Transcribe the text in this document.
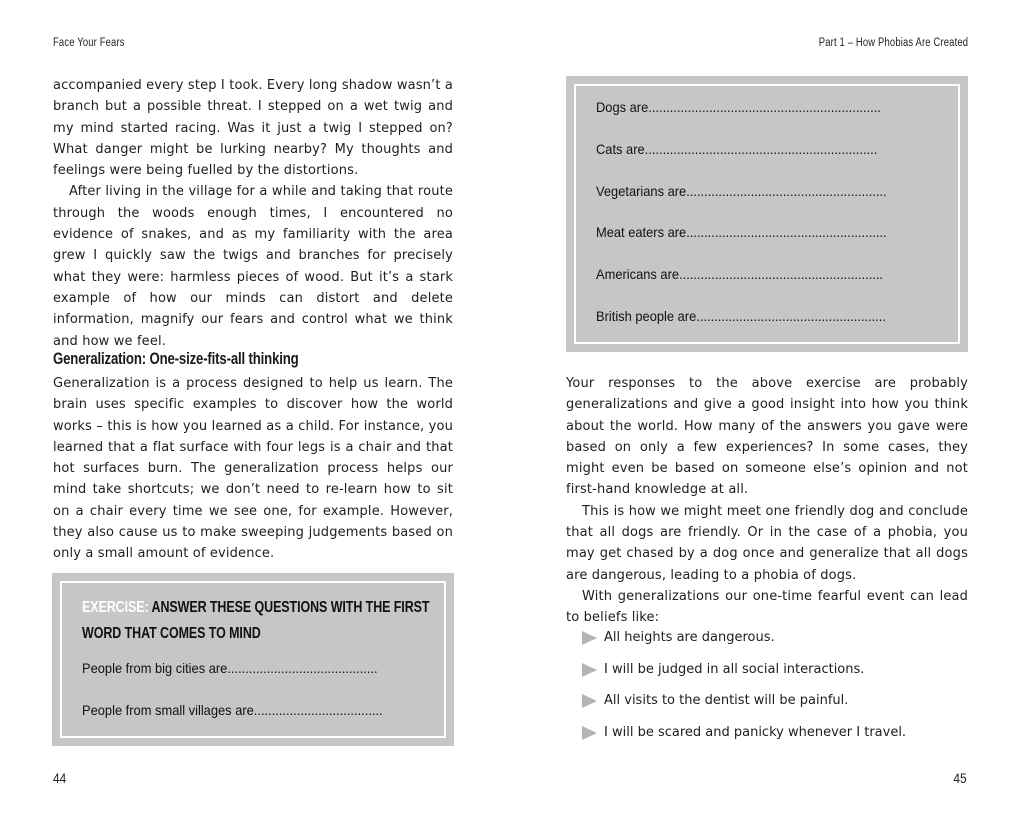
Face Your Fears

accompanied every step I took. Every long shadow wasn’t a branch but a possible threat. I stepped on a wet twig and my mind started racing. Was it just a twig I stepped on? What danger might be lurking nearby? My thoughts and feelings were being fuelled by the distortions.

After living in the village for a while and taking that route through the woods enough times, I encountered no evidence of snakes, and as my familiarity with the area grew I quickly saw the twigs and branches for precisely what they were: harmless pieces of wood. But it’s a stark example of how our minds can distort and delete information, magnify our fears and control what we think and how we feel.

Generalization: One-size-fits-all thinking

Generalization is a process designed to help us learn. The brain uses specific examples to discover how the world works – this is how you learned as a child. For instance, you learned that a flat surface with four legs is a chair and that hot surfaces burn. The generalization process helps our mind take shortcuts; we don’t need to re-learn how to sit on a chair every time we see one, for example. However, they also cause us to make sweeping judgements based on only a small amount of evidence.

EXERCISE: ANSWER THESE QUESTIONS WITH THE FIRST WORD THAT COMES TO MIND
People from big cities are..........................................
People from small villages are....................................
44
Part 1 – How Phobias Are Created
Dogs are.................................................................
Cats are.................................................................
Vegetarians are........................................................
Meat eaters are........................................................
Americans are.........................................................
British people are.....................................................

Your responses to the above exercise are probably generalizations and give a good insight into how you think about the world. How many of the answers you gave were based on only a few experiences? In some cases, they might even be based on someone else’s opinion and not first-hand knowledge at all.

This is how we might meet one friendly dog and conclude that all dogs are friendly. Or in the case of a phobia, you may get chased by a dog once and generalize that all dogs are dangerous, leading to a phobia of dogs.

With generalizations our one-time fearful event can lead to beliefs like:

All heights are dangerous.
I will be judged in all social interactions.
All visits to the dentist will be painful.
I will be scared and panicky whenever I travel.
45
